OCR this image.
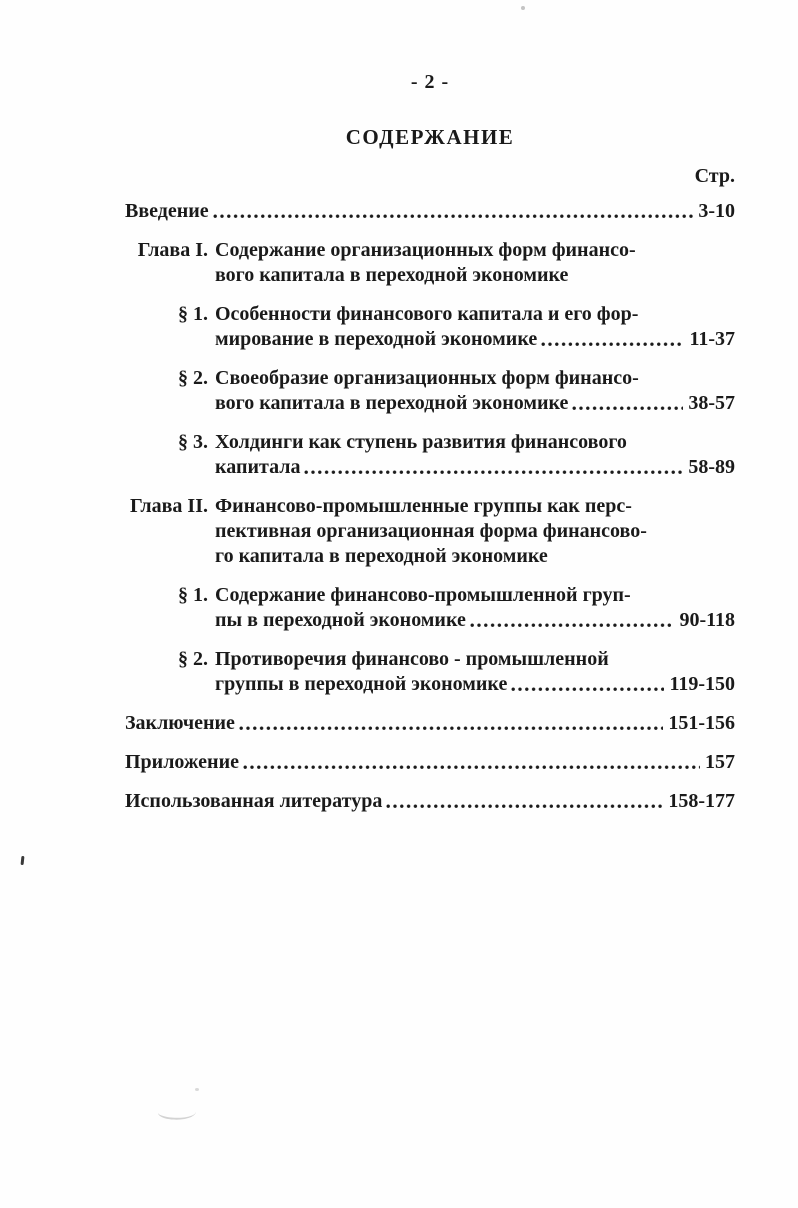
- 2 -
СОДЕРЖАНИЕ
Стр.
Введение	3-10
Глава I. Содержание организационных форм финансо-
вого капитала в переходной экономике
§ 1. Особенности финансового капитала и его фор-
мирование в переходной экономике	11-37
§ 2. Своеобразие организационных форм финансо-
вого капитала в переходной экономике	38-57
§ 3. Холдинги как ступень развития финансового
капитала	58-89
Глава II. Финансово-промышленные группы как перс-
пективная организационная форма финансово-
го капитала в переходной экономике
§ 1. Содержание финансово-промышленной груп-
пы в переходной экономике	90-118
§ 2. Противоречия финансово - промышленной
группы в переходной экономике	119-150
Заключение	151-156
Приложение	157
Использованная литература	158-177
